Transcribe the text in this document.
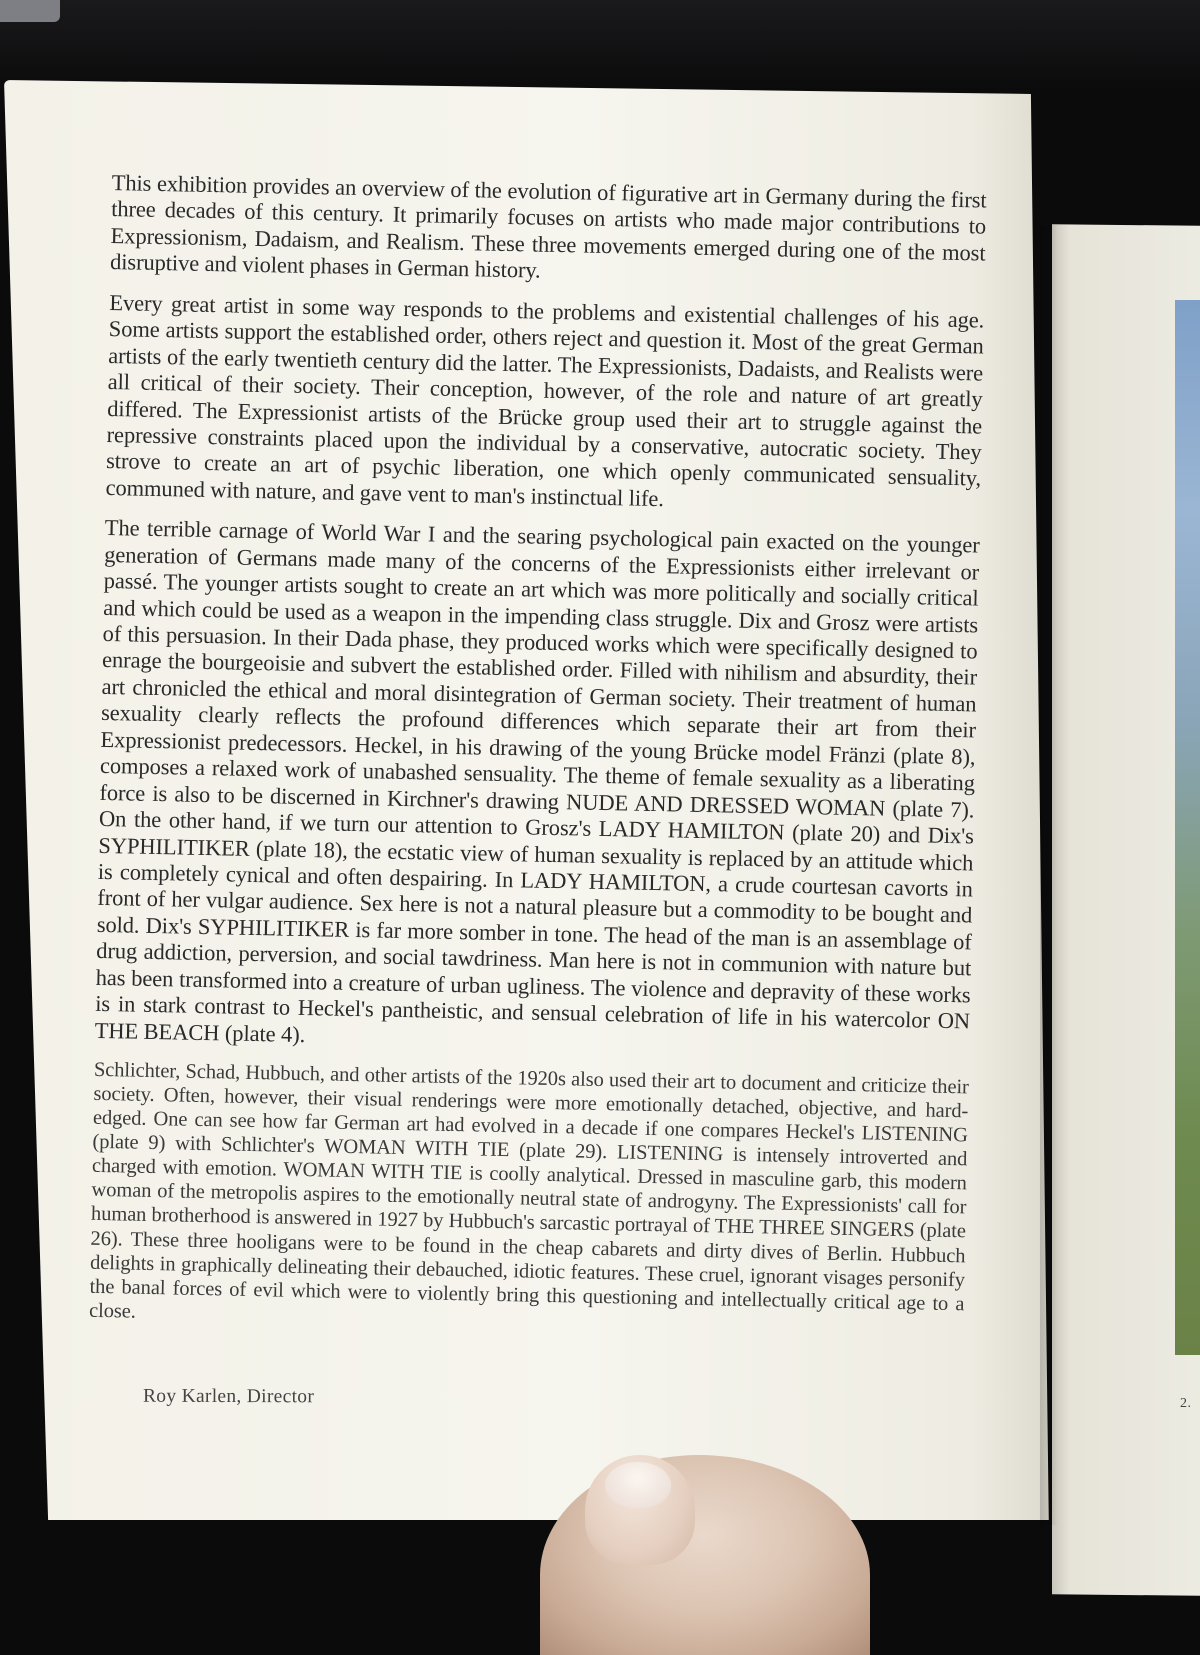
2.

This exhibition provides an overview of the evolution of figurative art in Germany during the first three decades of this century. It primarily focuses on artists who made major contributions to Expressionism, Dadaism, and Realism. These three movements emerged during one of the most disruptive and violent phases in German history.

Every great artist in some way responds to the problems and existential challenges of his age. Some artists support the established order, others reject and question it. Most of the great German artists of the early twentieth century did the latter. The Expressionists, Dadaists, and Realists were all critical of their society. Their conception, however, of the role and nature of art greatly differed. The Expressionist artists of the Brücke group used their art to struggle against the repressive constraints placed upon the individual by a conservative, autocratic society. They strove to create an art of psychic liberation, one which openly communicated sensuality, communed with nature, and gave vent to man's instinctual life.

The terrible carnage of World War I and the searing psychological pain exacted on the younger generation of Germans made many of the concerns of the Expressionists either irrelevant or passé. The younger artists sought to create an art which was more politically and socially critical and which could be used as a weapon in the impending class struggle. Dix and Grosz were artists of this persuasion. In their Dada phase, they produced works which were specifically designed to enrage the bourgeoisie and subvert the established order. Filled with nihilism and absurdity, their art chronicled the ethical and moral disintegration of German society. Their treatment of human sexuality clearly reflects the profound differences which separate their art from their Expressionist predecessors. Heckel, in his drawing of the young Brücke model Fränzi (plate 8), composes a relaxed work of unabashed sensuality. The theme of female sexuality as a liberating force is also to be discerned in Kirchner's drawing NUDE AND DRESSED WOMAN (plate 7). On the other hand, if we turn our attention to Grosz's LADY HAMILTON (plate 20) and Dix's SYPHILITIKER (plate 18), the ecstatic view of human sexuality is replaced by an attitude which is completely cynical and often despairing. In LADY HAMILTON, a crude courtesan cavorts in front of her vulgar audience. Sex here is not a natural pleasure but a commodity to be bought and sold. Dix's SYPHILITIKER is far more somber in tone. The head of the man is an assemblage of drug addiction, perversion, and social tawdriness. Man here is not in communion with nature but has been transformed into a creature of urban ugliness. The violence and depravity of these works is in stark contrast to Heckel's pantheistic, and sensual celebration of life in his watercolor ON THE BEACH (plate 4).

Schlichter, Schad, Hubbuch, and other artists of the 1920s also used their art to document and criticize their society. Often, however, their visual renderings were more emotionally detached, objective, and hard-edged. One can see how far German art had evolved in a decade if one compares Heckel's LISTENING (plate 9) with Schlichter's WOMAN WITH TIE (plate 29). LISTENING is intensely introverted and charged with emotion. WOMAN WITH TIE is coolly analytical. Dressed in masculine garb, this modern woman of the metropolis aspires to the emotionally neutral state of androgyny. The Expressionists' call for human brotherhood is answered in 1927 by Hubbuch's sarcastic portrayal of THE THREE SINGERS (plate 26). These three hooligans were to be found in the cheap cabarets and dirty dives of Berlin. Hubbuch delights in graphically delineating their debauched, idiotic features. These cruel, ignorant visages personify the banal forces of evil which were to violently bring this questioning and intellectually critical age to a close.

Roy Karlen, Director
